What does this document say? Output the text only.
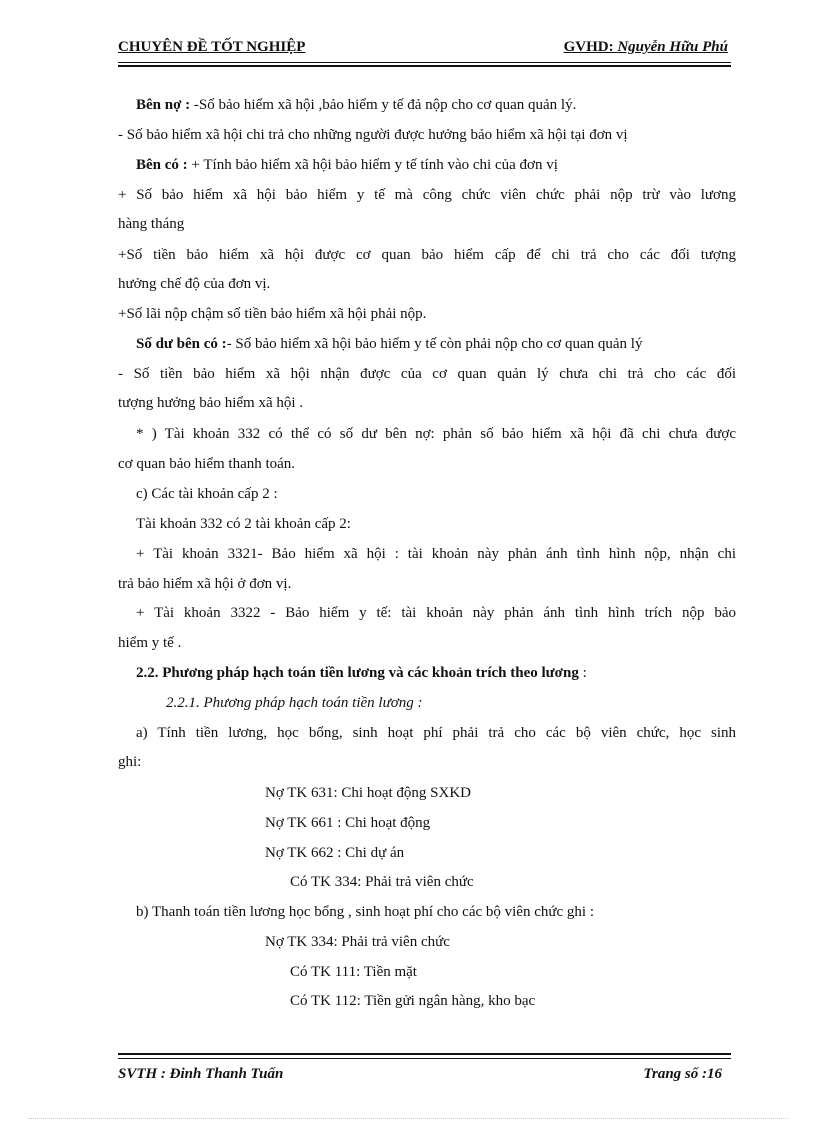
CHUYÊN ĐỀ TỐT NGHIỆP	GVHD: Nguyễn Hữu Phú
Bên nợ : -Số bảo hiểm xã hội ,bảo hiểm y tế đả nộp cho cơ quan quản lý.
- Số bảo hiểm xã hội chi trả cho những người được hưởng bảo hiểm xã hội tại đơn vị
Bên có : + Tính bảo hiểm xã hội bảo hiểm y tế tính vào chi của đơn vị
+ Số bảo hiểm xã hội bảo hiểm y tế mà công chức viên chức phải nộp trừ vào lương
hàng tháng
+Số tiền bảo hiểm xã hội được cơ quan bảo hiểm cấp để chi trả cho các đối tượng
hưởng chế độ của đơn vị.
+Số lãi nộp chậm số tiền bảo hiểm xã hội phải nộp.
Số dư bên có :- Số bảo hiểm xã hội bảo hiểm y tế còn phải nộp cho cơ quan quản lý
- Số tiền bảo hiểm xã hội nhận được của cơ quan quản lý chưa chi trả cho các đối
tượng hưởng bảo hiểm xã hội .
* ) Tài khoản 332 có thể có số dư bên nợ: phản số bảo hiểm xã hội đã chi chưa được
cơ quan bảo hiểm thanh toán.
c) Các tài khoản cấp 2 :
Tài khoản 332 có 2 tài khoản cấp 2:
+ Tài khoản 3321- Bảo hiểm xã hội : tài khoản này phản ánh tình hình nộp, nhận chi
trả bảo hiểm xã hội ở đơn vị.
+ Tài khoản 3322 - Bảo hiểm y tế: tài khoản này phản ánh tình hình trích nộp bảo
hiểm y tế .
2.2. Phương pháp hạch toán tiền lương và các khoản trích theo lương :
2.2.1. Phương pháp hạch toán tiền lương :
a) Tính tiền lương, học bổng, sinh hoạt phí phải trả cho các bộ viên chức, học sinh
ghi:
Nợ TK 631: Chi hoạt động SXKD
Nợ TK 661 : Chi hoạt động
Nợ TK 662 : Chi dự án
Có TK 334: Phải trả viên chức
b) Thanh toán tiền lương học bổng , sinh hoạt phí cho các bộ viên chức ghi :
Nợ TK 334: Phải trả viên chức
Có TK 111: Tiền mặt
Có TK 112: Tiền gửi ngân hàng, kho bạc
SVTH : Đinh Thanh Tuấn	Trang số :16
